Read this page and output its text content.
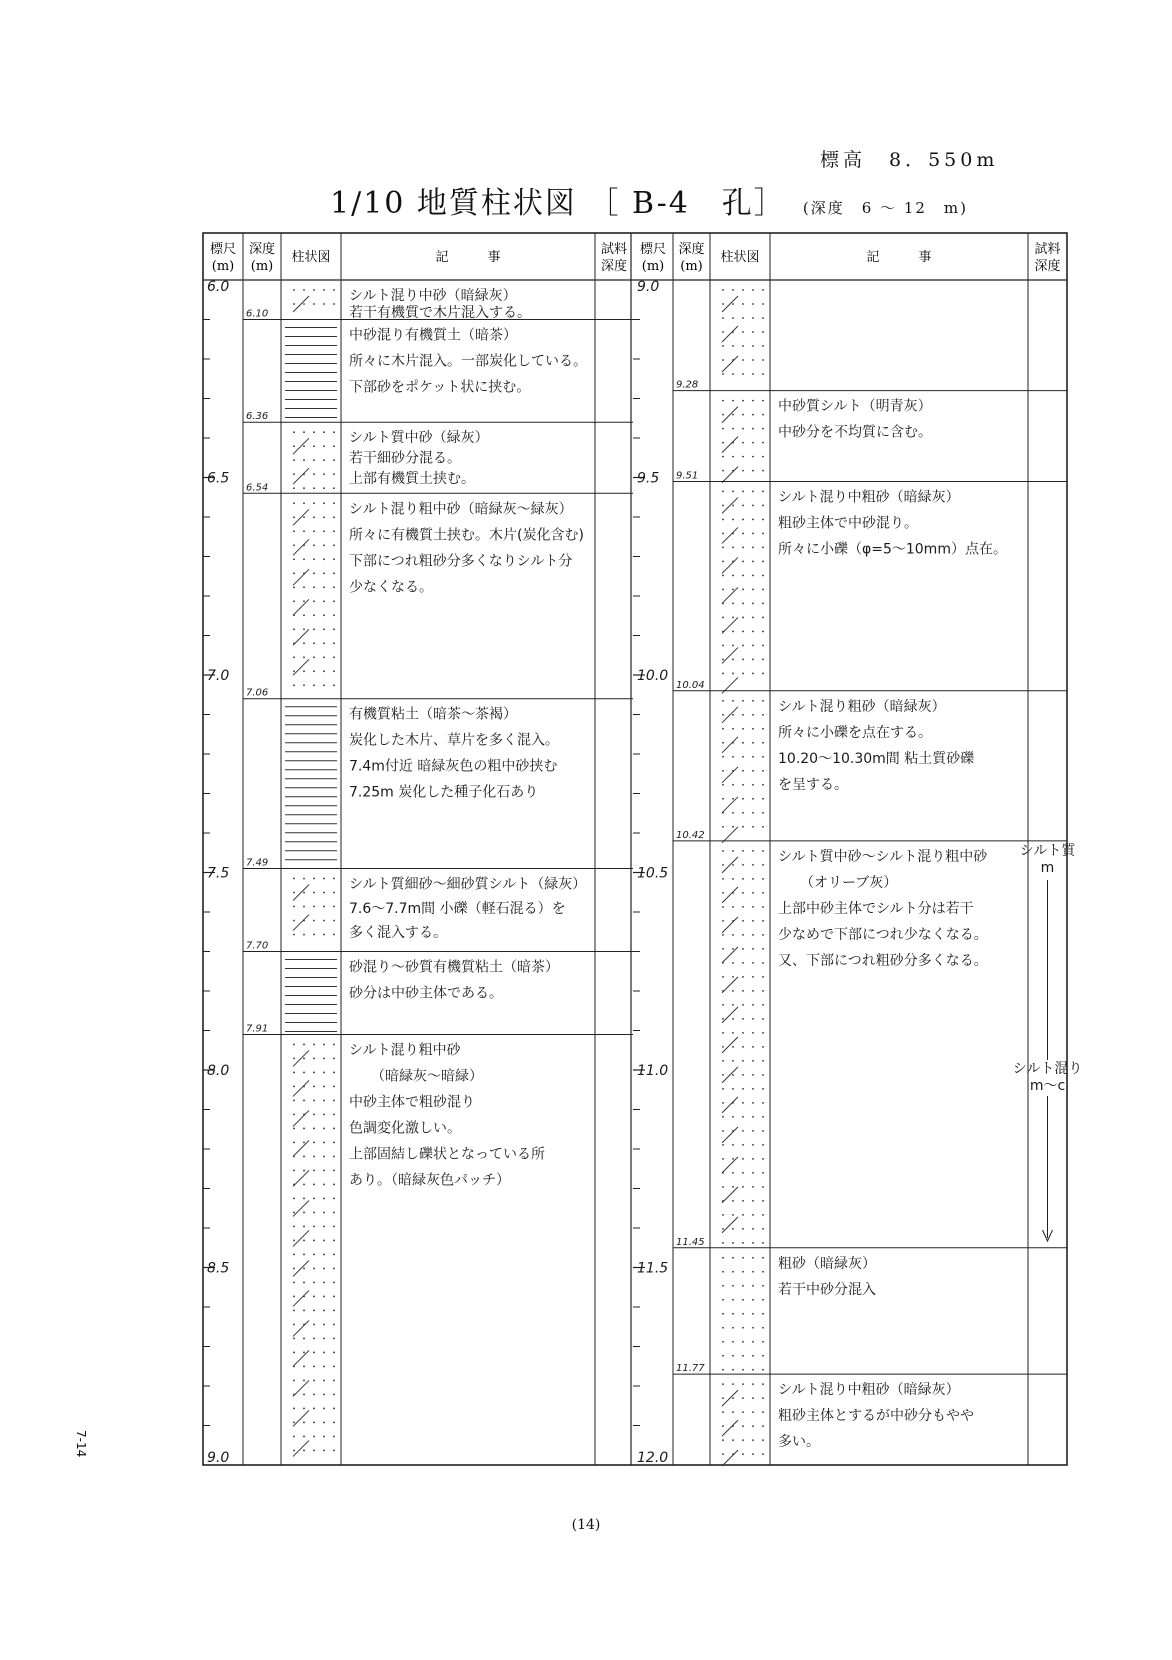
標高　8．550m
1/10 地質柱状図 ［ B-4　孔］ (深度　6 ～ 12　m)
標尺
(m)
深度
(m)
柱状図	記　　　事
試料
深度
標尺
(m)
深度
(m)
柱状図	記　　　事
試料
深度
6.0
6.5
7.0
7.5
8.0
8.5
9.0
9.0
9.5
10.0
10.5
11.0
11.5
12.0
6.10
シルト混り中砂（暗緑灰）
若干有機質で木片混入する。
6.36
中砂混り有機質土（暗茶）
所々に木片混入。一部炭化している。
下部砂をポケット状に挟む。
6.54
シルト質中砂（緑灰）
若干細砂分混る。
上部有機質土挟む。
7.06
シルト混り粗中砂（暗緑灰～緑灰）
所々に有機質土挟む。木片(炭化含む)
下部につれ粗砂分多くなりシルト分
少なくなる。
7.49
有機質粘土（暗茶～茶褐）
炭化した木片、草片を多く混入。
7.4m付近 暗緑灰色の粗中砂挟む
7.25m 炭化した種子化石あり
7.70
シルト質細砂～細砂質シルト（緑灰）
7.6～7.7m間 小礫（軽石混る）を
多く混入する。
7.91
砂混り～砂質有機質粘土（暗茶）
砂分は中砂主体である。
シルト混り粗中砂
（暗緑灰～暗緑）
中砂主体で粗砂混り
色調変化激しい。
上部固結し礫状となっている所
あり。（暗緑灰色パッチ）
9.28
9.51
中砂質シルト（明青灰）
中砂分を不均質に含む。
10.04
シルト混り中粗砂（暗緑灰）
粗砂主体で中砂混り。
所々に小礫（φ=5～10mm）点在。
10.42
シルト混り粗砂（暗緑灰）
所々に小礫を点在する。
10.20～10.30m間 粘土質砂礫
を呈する。
11.45
シルト質中砂～シルト混り粗中砂
（オリーブ灰）
上部中砂主体でシルト分は若干
少なめで下部につれ少なくなる。
又、下部につれ粗砂分多くなる。
11.77
粗砂（暗緑灰）
若干中砂分混入
シルト混り中粗砂（暗緑灰）
粗砂主体とするが中砂分もやや
多い。
シルト質
m
シルト混り
m～c
(14)
7-14
